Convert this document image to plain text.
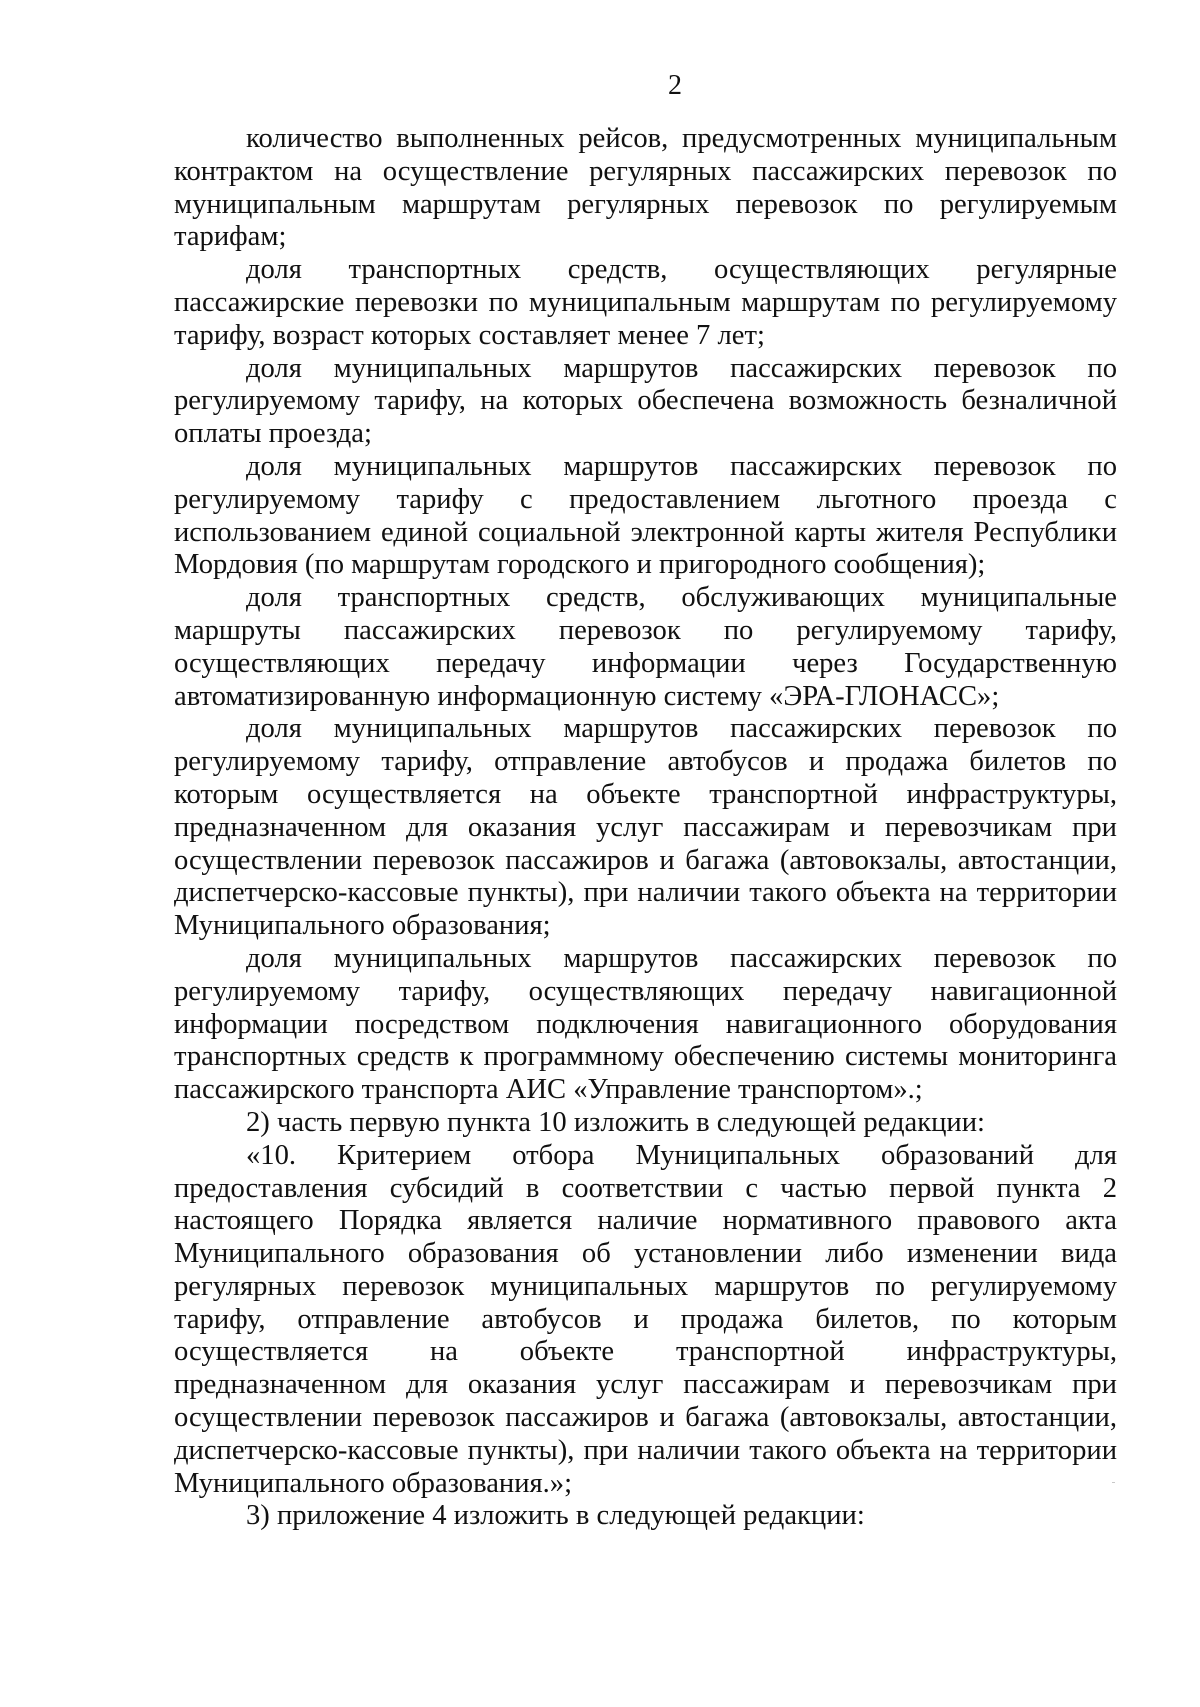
2

количество выполненных рейсов, предусмотренных муниципальным контрактом на осуществление регулярных пассажирских перевозок по муниципальным маршрутам регулярных перевозок по регулируемым тарифам;

доля транспортных средств, осуществляющих регулярные пассажирские перевозки по муниципальным маршрутам по регулируемому тарифу, возраст которых составляет менее 7 лет;

доля муниципальных маршрутов пассажирских перевозок по регулируемому тарифу, на которых обеспечена возможность безналичной оплаты проезда;

доля муниципальных маршрутов пассажирских перевозок по регулируемому тарифу с предоставлением льготного проезда с использованием единой социальной электронной карты жителя Республики Мордовия (по маршрутам городского и пригородного сообщения);

доля транспортных средств, обслуживающих муниципальные маршруты пассажирских перевозок по регулируемому тарифу, осуществляющих передачу информации через Государственную автоматизированную информационную систему «ЭРА-ГЛОНАСС»;

доля муниципальных маршрутов пассажирских перевозок по регулируемому тарифу, отправление автобусов и продажа билетов по которым осуществляется на объекте транспортной инфраструктуры, предназначенном для оказания услуг пассажирам и перевозчикам при осуществлении перевозок пассажиров и багажа (автовокзалы, автостанции, диспетчерско-кассовые пункты), при наличии такого объекта на территории Муниципального образования;

доля муниципальных маршрутов пассажирских перевозок по регулируемому тарифу, осуществляющих передачу навигационной информации посредством подключения навигационного оборудования транспортных средств к программному обеспечению системы мониторинга пассажирского транспорта АИС «Управление транспортом».;

2) часть первую пункта 10 изложить в следующей редакции:

«10. Критерием отбора Муниципальных образований для предоставления субсидий в соответствии с частью первой пункта 2 настоящего Порядка является наличие нормативного правового акта Муниципального образования об установлении либо изменении вида регулярных перевозок муниципальных маршрутов по регулируемому тарифу, отправление автобусов и продажа билетов, по которым осуществляется на объекте транспортной инфраструктуры, предназначенном для оказания услуг пассажирам и перевозчикам при осуществлении перевозок пассажиров и багажа (автовокзалы, автостанции, диспетчерско-кассовые пункты), при наличии такого объекта на территории Муниципального образования.»;

3) приложение 4 изложить в следующей редакции:
